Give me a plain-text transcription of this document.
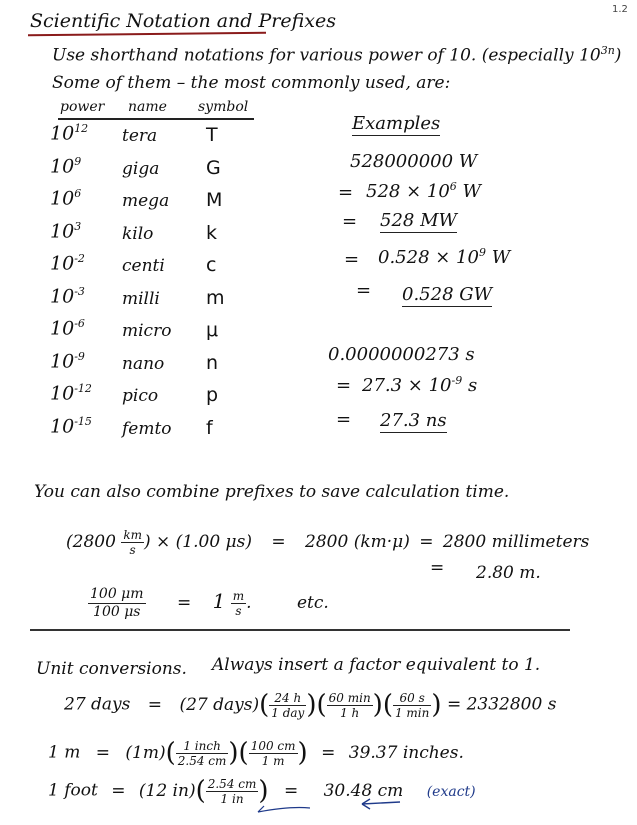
1.2
Scientific Notation and Prefixes
Use shorthand notations for various power of 10. (especially $10^{3n}$)
Some of them – the most commonly used, are:
power name symbol
$10^{12}$ tera	T
$10^9$ giga G
$10^6$ mega M
$10^3$ kilo	k
$10^{-2}$ centi c
$10^{-3}$ milli m
$10^{-6}$ micro μ
$10^{-9}$ nano n
$10^{-12}$ pico	p
$10^{-15}$ femto f
Examples
528000000 W
= $528 \times 10^6$ W
= 528 MW
= $0.528 \times 10^9$ W
= 0.528 GW
0.0000000273 s
= $27.3 \times 10^{-9}$ s
= 27.3 ns
You can also combine prefixes to save calculation time.
($2800 \frac{km}{s}$ ) × (1.00 μs) = 2800 (km·μ) = 2800 millimeters
= 2.80 m.
$\frac{100 \mu m}{100 \mu s} = 1 \frac{m}{s}$ .	etc.
Unit conversions. Always insert a factor equivalent to 1.
27 days = (27 days)( $\frac{24 h}{\text{1 day}}$ )( $\frac{60 \min}{1 h}$ )( $\frac{60 s}{1 \min}$ ) = 2332800 s
1 $m = (1m)( \frac{\text{1 inch}}{2.54 cm}$ )( $\frac{100 cm}{1 m}$ ) = 39.37 inches.
1 foot = (12 $in)( \frac{2.54 cm}{1 in}$ ) = 30.48 cm (exact)
